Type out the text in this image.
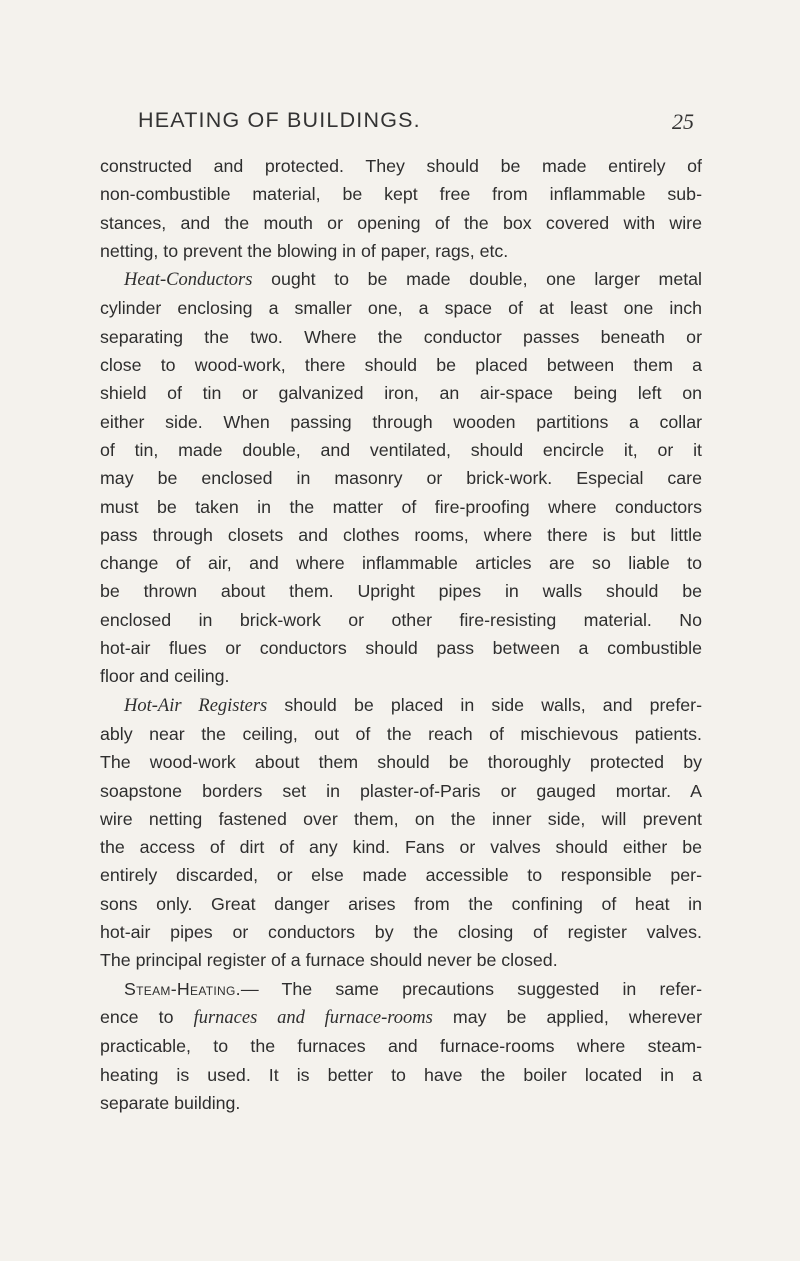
HEATING OF BUILDINGS.	25

constructed and protected. They should be made entirely of
non-combustible material, be kept free from inflammable sub-
stances, and the mouth or opening of the box covered with wire
netting, to prevent the blowing in of paper, rags, etc.

Heat-Conductors ought to be made double, one larger metal
cylinder enclosing a smaller one, a space of at least one inch
separating the two. Where the conductor passes beneath or
close to wood-work, there should be placed between them a
shield of tin or galvanized iron, an air-space being left on
either side. When passing through wooden partitions a collar
of tin, made double, and ventilated, should encircle it, or it
may be enclosed in masonry or brick-work. Especial care
must be taken in the matter of fire-proofing where conductors
pass through closets and clothes rooms, where there is but little
change of air, and where inflammable articles are so liable to
be thrown about them. Upright pipes in walls should be
enclosed in brick-work or other fire-resisting material. No
hot-air flues or conductors should pass between a combustible
floor and ceiling.

Hot-Air Registers should be placed in side walls, and prefer-
ably near the ceiling, out of the reach of mischievous patients.
The wood-work about them should be thoroughly protected by
soapstone borders set in plaster-of-Paris or gauged mortar. A
wire netting fastened over them, on the inner side, will prevent
the access of dirt of any kind. Fans or valves should either be
entirely discarded, or else made accessible to responsible per-
sons only. Great danger arises from the confining of heat in
hot-air pipes or conductors by the closing of register valves.
The principal register of a furnace should never be closed.

Steam-Heating.— The same precautions suggested in refer-
ence to furnaces and furnace-rooms may be applied, wherever
practicable, to the furnaces and furnace-rooms where steam-
heating is used. It is better to have the boiler located in a
separate building.
